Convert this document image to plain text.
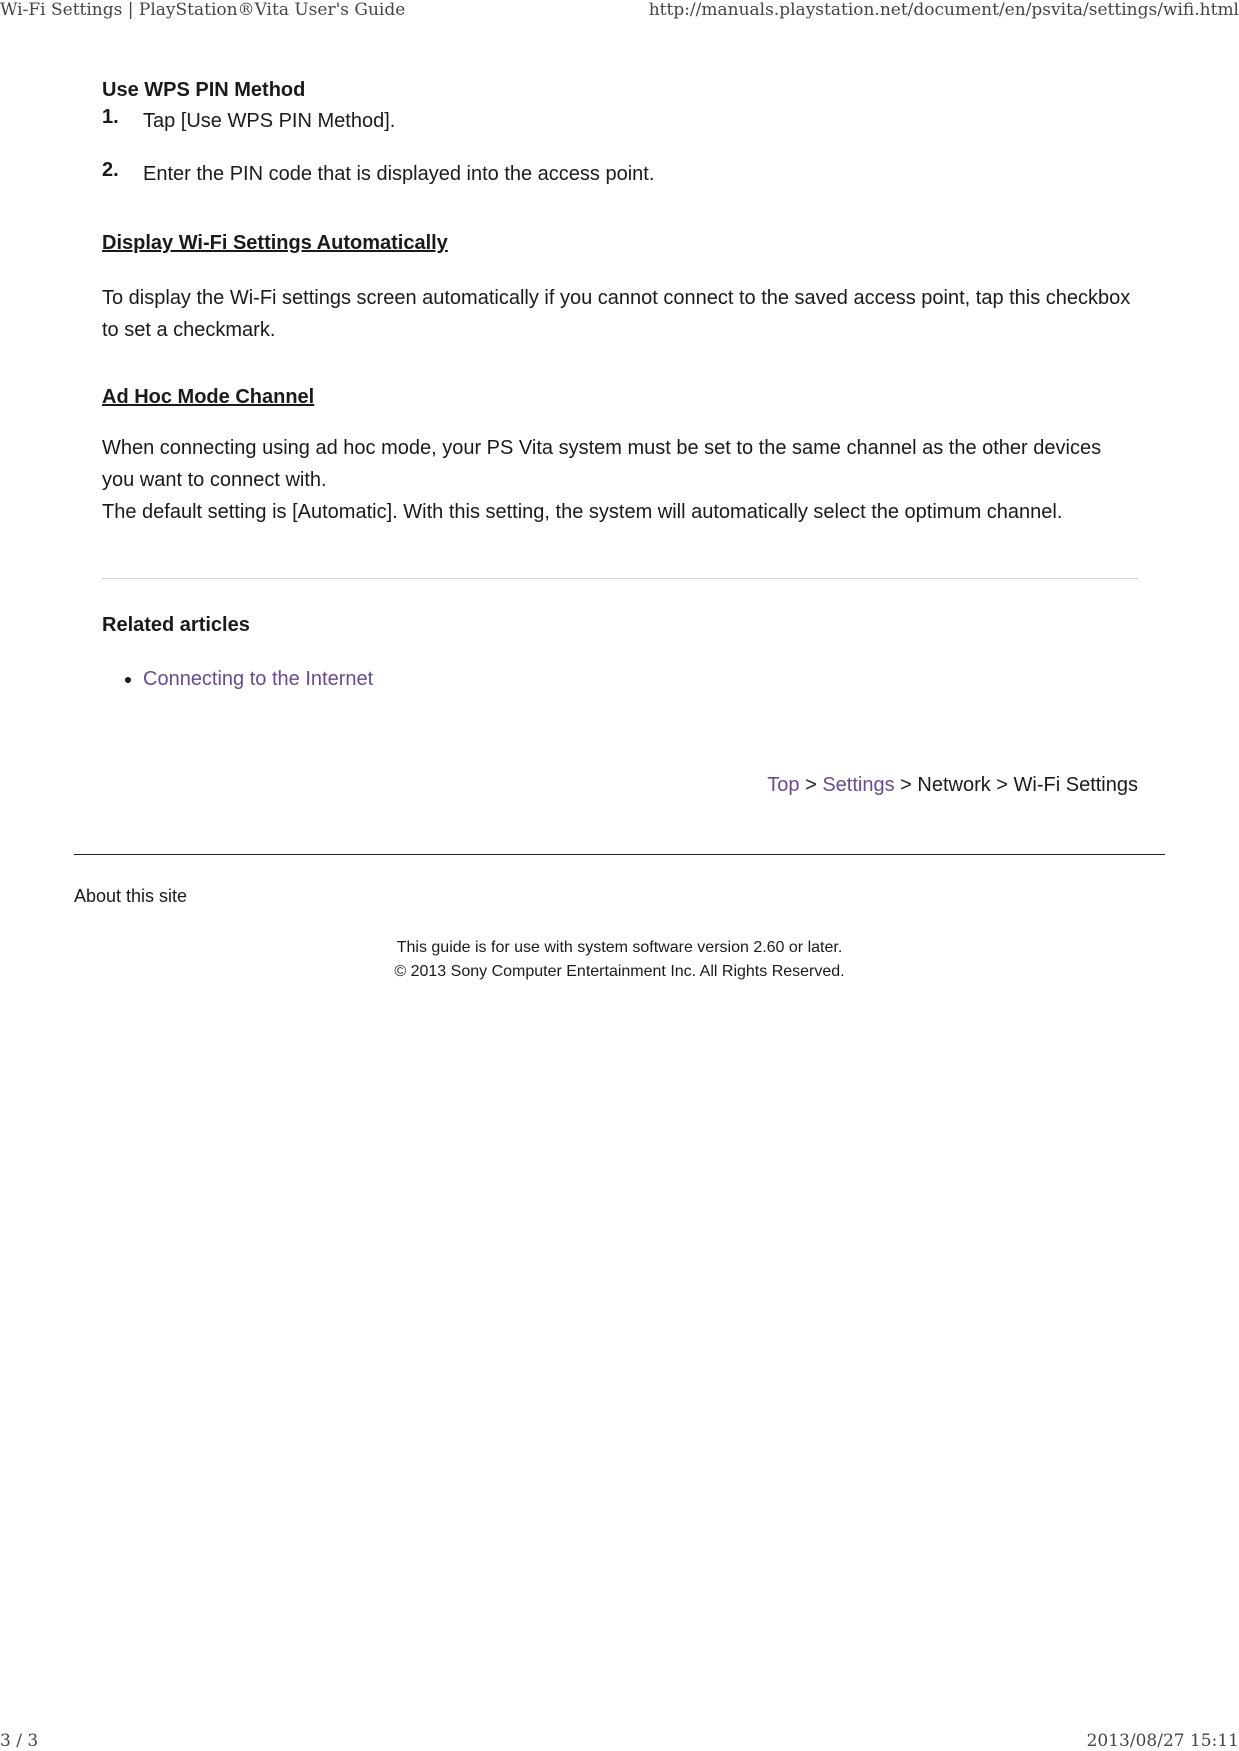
Wi-Fi Settings | PlayStation®Vita User's Guide	http://manuals.playstation.net/document/en/psvita/settings/wifi.html

Use WPS PIN Method

1.	Tap [Use WPS PIN Method].
2.	Enter the PIN code that is displayed into the access point.

Display Wi-Fi Settings Automatically

To display the Wi-Fi settings screen automatically if you cannot connect to the saved access point, tap this checkbox to set a checkmark.

Ad Hoc Mode Channel

When connecting using ad hoc mode, your PS Vita system must be set to the same channel as the other devices you want to connect with.
The default setting is [Automatic]. With this setting, the system will automatically select the optimum channel.

Related articles

• Connecting to the Internet
Top > Settings > Network > Wi-Fi Settings
About this site
This guide is for use with system software version 2.60 or later.
© 2013 Sony Computer Entertainment Inc. All Rights Reserved.
3 / 3	2013/08/27 15:11
